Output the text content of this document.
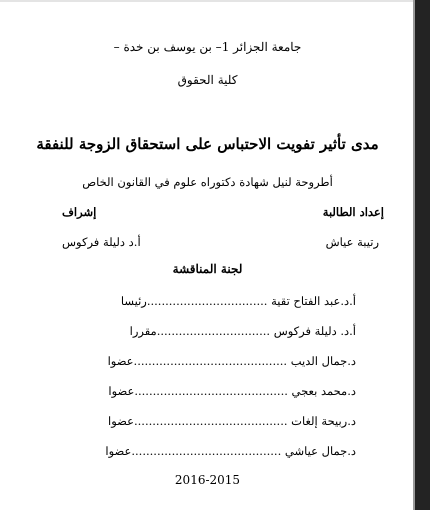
جامعة الجزائر 1– بن يوسف بن خدة –
كلية الحقوق
مدى تأثير تفويت الاحتباس على استحقاق الزوجة للنفقة
أطروحة لنيل شهادة دكتوراه علوم في القانون الخاص
إعداد الطالبة
إشراف
رتيبة عياش
أ.د دليلة فركوس
لجنة المناقشة
أ.د.عبد الفتاح تقية .................................رئيسا
أ.د. دليلة فركوس ...............................مقررا
د.جمال الديب ..........................................عضوا
د.محمد بعجي ..........................................عضوا
د.ربيحة إلغات ..........................................عضوا
د.جمال عياشي .........................................عضوا
2016-2015
